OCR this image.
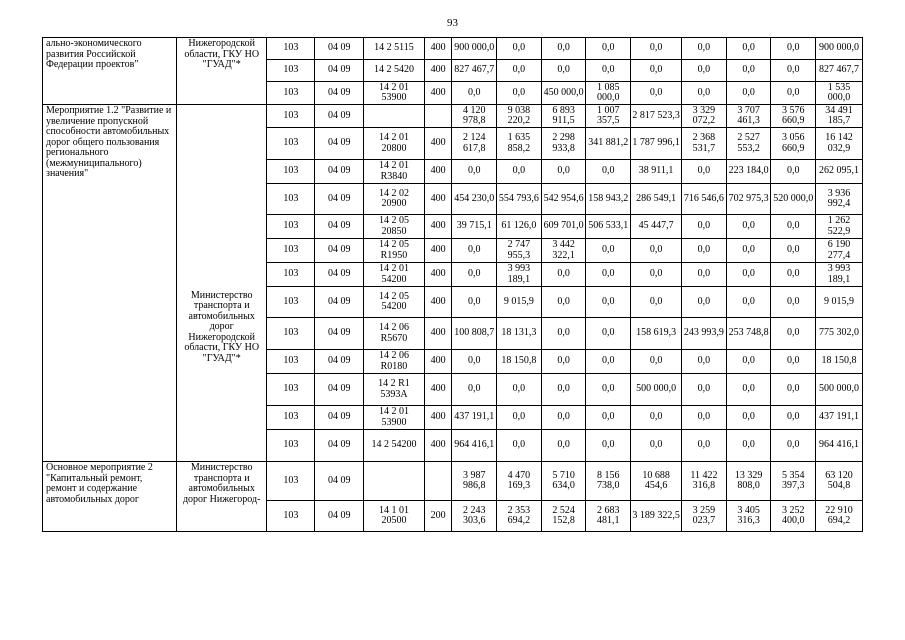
93
ально-экономического развития Российской Федерации проектов"	Нижегородской области, ГКУ НО "ГУАД"*	103	04 09	14 2 5115	400	900 000,0	0,0	0,0	0,0	0,0	0,0	0,0	0,0	900 000,0
		103	04 09	14 2 5420	400	827 467,7	0,0	0,0	0,0	0,0	0,0	0,0	0,0	827 467,7
		103	04 09	14 2 01 53900	400	0,0	0,0	450 000,0	1 085 000,0	0,0	0,0	0,0	0,0	1 535 000,0
Мероприятие 1.2 "Развитие и увеличение пропускной способности автомобильных дорог общего пользования регионального (межмуниципального) значения"	Министерство транспорта и автомобильных дорог Нижегородской области, ГКУ НО "ГУАД"*	103	04 09			4 120 978,8	9 038 220,2	6 893 911,5	1 007 357,5	2 817 523,3	3 329 072,2	3 707 461,3	3 576 660,9	34 491 185,7
		103	04 09	14 2 01 20800	400	2 124 617,8	1 635 858,2	2 298 933,8	341 881,2	1 787 996,1	2 368 531,7	2 527 553,2	3 056 660,9	16 142 032,9
		103	04 09	14 2 01 R3840	400	0,0	0,0	0,0	0,0	38 911,1	0,0	223 184,0	0,0	262 095,1
		103	04 09	14 2 02 20900	400	454 230,0	554 793,6	542 954,6	158 943,2	286 549,1	716 546,6	702 975,3	520 000,0	3 936 992,4
		103	04 09	14 2 05 20850	400	39 715,1	61 126,0	609 701,0	506 533,1	45 447,7	0,0	0,0	0,0	1 262 522,9
		103	04 09	14 2 05 R1950	400	0,0	2 747 955,3	3 442 322,1	0,0	0,0	0,0	0,0	0,0	6 190 277,4
		103	04 09	14 2 01 54200	400	0,0	3 993 189,1	0,0	0,0	0,0	0,0	0,0	0,0	3 993 189,1
		103	04 09	14 2 05 54200	400	0,0	9 015,9	0,0	0,0	0,0	0,0	0,0	0,0	9 015,9
		103	04 09	14 2 06 R5670	400	100 808,7	18 131,3	0,0	0,0	158 619,3	243 993,9	253 748,8	0,0	775 302,0
		103	04 09	14 2 06 R0180	400	0,0	18 150,8	0,0	0,0	0,0	0,0	0,0	0,0	18 150,8
		103	04 09	14 2 R1 5393A	400	0,0	0,0	0,0	0,0	500 000,0	0,0	0,0	0,0	500 000,0
		103	04 09	14 2 01 53900	400	437 191,1	0,0	0,0	0,0	0,0	0,0	0,0	0,0	437 191,1
		103	04 09	14 2 54200	400	964 416,1	0,0	0,0	0,0	0,0	0,0	0,0	0,0	964 416,1
Основное мероприятие 2 "Капитальный ремонт, ремонт и содержание автомобильных дорог	Министерство транспорта и автомобильных дорог Нижегород-	103	04 09			3 987 986,8	4 470 169,3	5 710 634,0	8 156 738,0	10 688 454,6	11 422 316,8	13 329 808,0	5 354 397,3	63 120 504,8
		103	04 09	14 1 01 20500	200	2 243 303,6	2 353 694,2	2 524 152,8	2 683 481,1	3 189 322,5	3 259 023,7	3 405 316,3	3 252 400,0	22 910 694,2
